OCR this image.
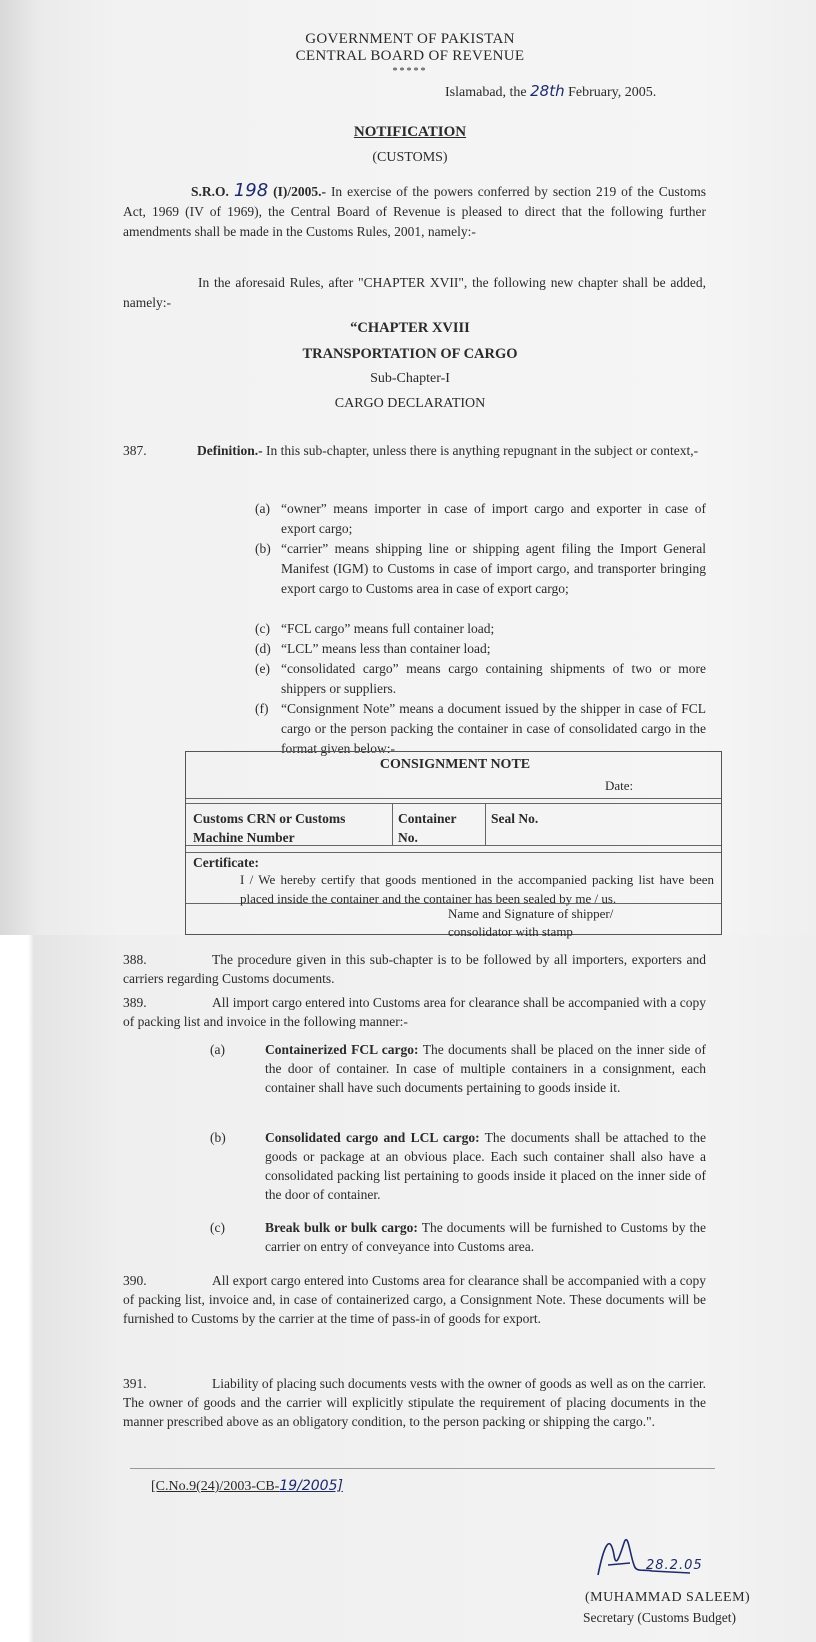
GOVERNMENT OF PAKISTAN
CENTRAL BOARD OF REVENUE
*****
Islamabad, the 28th February, 2005.
NOTIFICATION
(CUSTOMS)
S.R.O. 198 (I)/2005.- In exercise of the powers conferred by section 219 of the Customs Act, 1969 (IV of 1969), the Central Board of Revenue is pleased to direct that the following further amendments shall be made in the Customs Rules, 2001, namely:-
In the aforesaid Rules, after "CHAPTER XVII", the following new chapter shall be added, namely:-
“CHAPTER XVIII
TRANSPORTATION OF CARGO
Sub-Chapter-I
CARGO DECLARATION
387.	Definition.- In this sub-chapter, unless there is anything repugnant in the subject or context,-
(a) “owner” means importer in case of import cargo and exporter in case of export cargo;
(b) “carrier” means shipping line or shipping agent filing the Import General Manifest (IGM) to Customs in case of import cargo, and transporter bringing export cargo to Customs area in case of export cargo;
(c) “FCL cargo” means full container load;
(d) “LCL” means less than container load;
(e) “consolidated cargo” means cargo containing shipments of two or more shippers or suppliers.
(f) “Consignment Note” means a document issued by the shipper in case of FCL cargo or the person packing the container in case of consolidated cargo in the format given below:-
CONSIGNMENT NOTE
Date:
Customs CRN or Customs Machine Number
Container No.
Seal No.
Certificate:
I / We hereby certify that goods mentioned in the accompanied packing list have been placed inside the container and the container has been sealed by me / us.
Name and Signature of shipper/ consolidator with stamp
388.	The procedure given in this sub-chapter is to be followed by all importers, exporters and carriers regarding Customs documents.
389.	All import cargo entered into Customs area for clearance shall be accompanied with a copy of packing list and invoice in the following manner:-
(a)	Containerized FCL cargo: The documents shall be placed on the inner side of the door of container. In case of multiple containers in a consignment, each container shall have such documents pertaining to goods inside it.
(b)	Consolidated cargo and LCL cargo: The documents shall be attached to the goods or package at an obvious place. Each such container shall also have a consolidated packing list pertaining to goods inside it placed on the inner side of the door of container.
(c)	Break bulk or bulk cargo: The documents will be furnished to Customs by the carrier on entry of conveyance into Customs area.
390.	All export cargo entered into Customs area for clearance shall be accompanied with a copy of packing list, invoice and, in case of containerized cargo, a Consignment Note. These documents will be furnished to Customs by the carrier at the time of pass-in of goods for export.
391.	Liability of placing such documents vests with the owner of goods as well as on the carrier. The owner of goods and the carrier will explicitly stipulate the requirement of placing documents in the manner prescribed above as an obligatory condition, to the person packing or shipping the cargo.".
[C.No.9(24)/2003-CB-19/2005]
28.2.05
(MUHAMMAD SALEEM)
Secretary (Customs Budget)
